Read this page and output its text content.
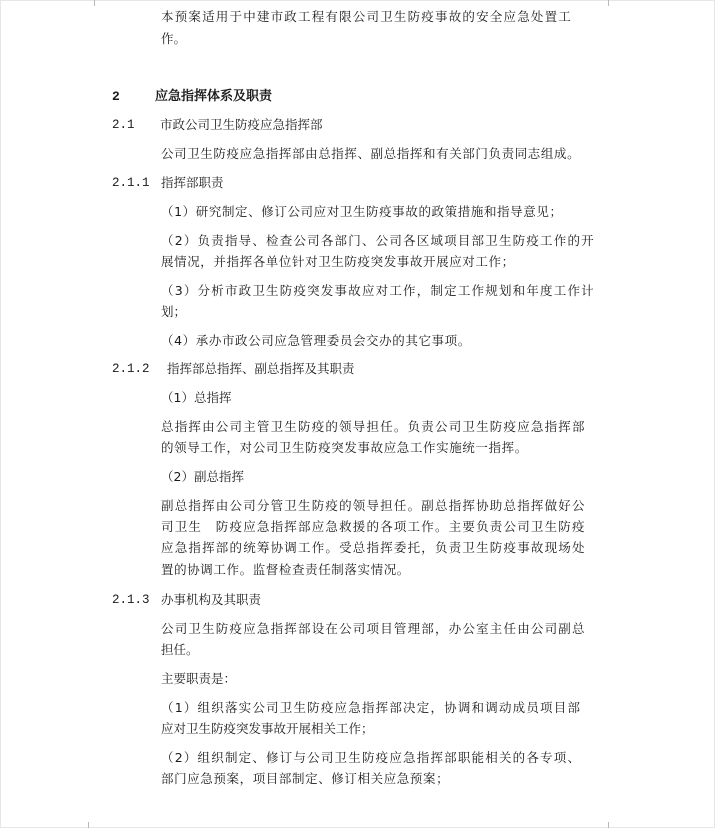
本预案适用于中建市政工程有限公司卫生防疫事故的安全应急处置工
作。
2	应急指挥体系及职责
2.1 市政公司卫生防疫应急指挥部
公司卫生防疫应急指挥部由总指挥、副总指挥和有关部门负责同志组成。
2.1.1 指挥部职责
（1）研究制定、修订公司应对卫生防疫事故的政策措施和指导意见；
（2）负责指导、检查公司各部门、公司各区域项目部卫生防疫工作的开
展情况，并指挥各单位针对卫生防疫突发事故开展应对工作；
（3）分析市政卫生防疫突发事故应对工作，制定工作规划和年度工作计
划；
（4）承办市政公司应急管理委员会交办的其它事项。
2.1.2 指挥部总指挥、副总指挥及其职责
（1）总指挥
总指挥由公司主管卫生防疫的领导担任。负责公司卫生防疫应急指挥部
的领导工作，对公司卫生防疫突发事故应急工作实施统一指挥。
（2）副总指挥
副总指挥由公司分管卫生防疫的领导担任。副总指挥协助总指挥做好公
司卫生　防疫应急指挥部应急救援的各项工作。主要负责公司卫生防疫
应急指挥部的统筹协调工作。受总指挥委托，负责卫生防疫事故现场处
置的协调工作。监督检查责任制落实情况。
2.1.3 办事机构及其职责
公司卫生防疫应急指挥部设在公司项目管理部，办公室主任由公司副总
担任。
主要职责是：
（1）组织落实公司卫生防疫应急指挥部决定，协调和调动成员项目部
应对卫生防疫突发事故开展相关工作；
（2）组织制定、修订与公司卫生防疫应急指挥部职能相关的各专项、
部门应急预案，项目部制定、修订相关应急预案；
